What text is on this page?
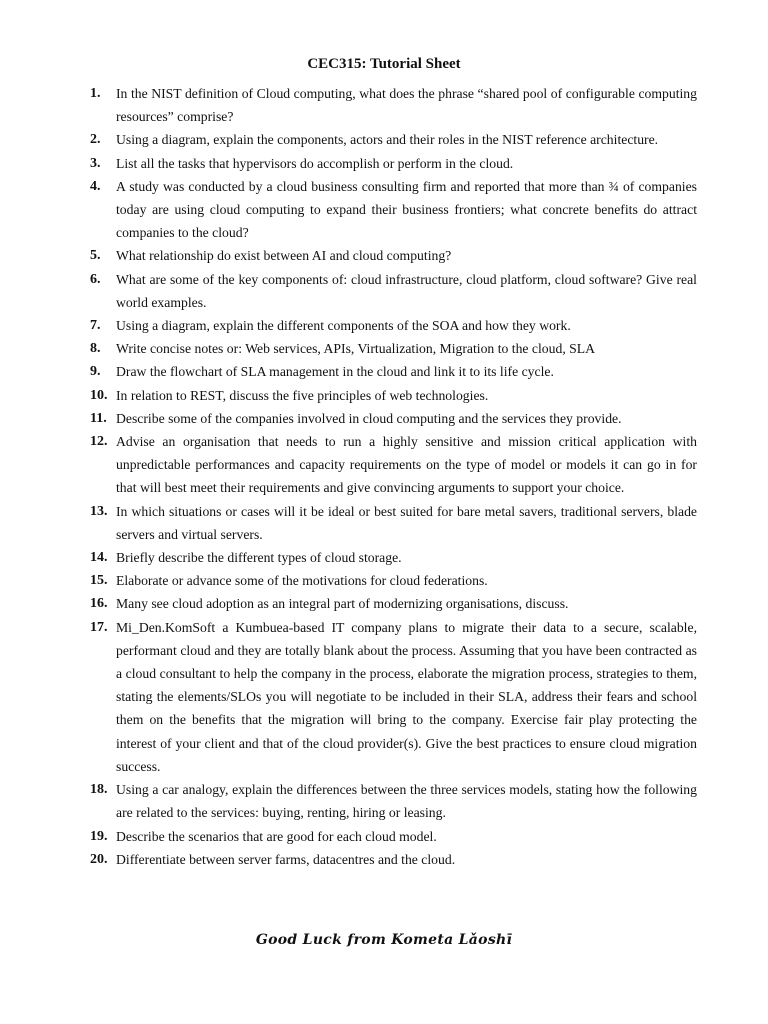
CEC315: Tutorial Sheet
1.	In the NIST definition of Cloud computing, what does the phrase “shared pool of configurable computing resources” comprise?
2.	Using a diagram, explain the components, actors and their roles in the NIST reference architecture.
3.	List all the tasks that hypervisors do accomplish or perform in the cloud.
4.	A study was conducted by a cloud business consulting firm and reported that more than ¾ of companies today are using cloud computing to expand their business frontiers; what concrete benefits do attract companies to the cloud?
5.	What relationship do exist between AI and cloud computing?
6.	What are some of the key components of: cloud infrastructure, cloud platform, cloud software? Give real world examples.
7.	Using a diagram, explain the different components of the SOA and how they work.
8.	Write concise notes or: Web services, APIs, Virtualization, Migration to the cloud, SLA
9.	Draw the flowchart of SLA management in the cloud and link it to its life cycle.
10. In relation to REST, discuss the five principles of web technologies.
11. Describe some of the companies involved in cloud computing and the services they provide.
12. Advise an organisation that needs to run a highly sensitive and mission critical application with unpredictable performances and capacity requirements on the type of model or models it can go in for that will best meet their requirements and give convincing arguments to support your choice.
13. In which situations or cases will it be ideal or best suited for bare metal savers, traditional servers, blade servers and virtual servers.
14. Briefly describe the different types of cloud storage.
15. Elaborate or advance some of the motivations for cloud federations.
16. Many see cloud adoption as an integral part of modernizing organisations, discuss.
17. Mi_Den.KomSoft a Kumbuea-based IT company plans to migrate their data to a secure, scalable, performant cloud and they are totally blank about the process. Assuming that you have been contracted as a cloud consultant to help the company in the process, elaborate the migration process, strategies to them, stating the elements/SLOs you will negotiate to be included in their SLA, address their fears and school them on the benefits that the migration will bring to the company. Exercise fair play protecting the interest of your client and that of the cloud provider(s). Give the best practices to ensure cloud migration success.
18. Using a car analogy, explain the differences between the three services models, stating how the following are related to the services: buying, renting, hiring or leasing.
19. Describe the scenarios that are good for each cloud model.
20. Differentiate between server farms, datacentres and the cloud.
Good Luck from Kometa Lǎoshī
